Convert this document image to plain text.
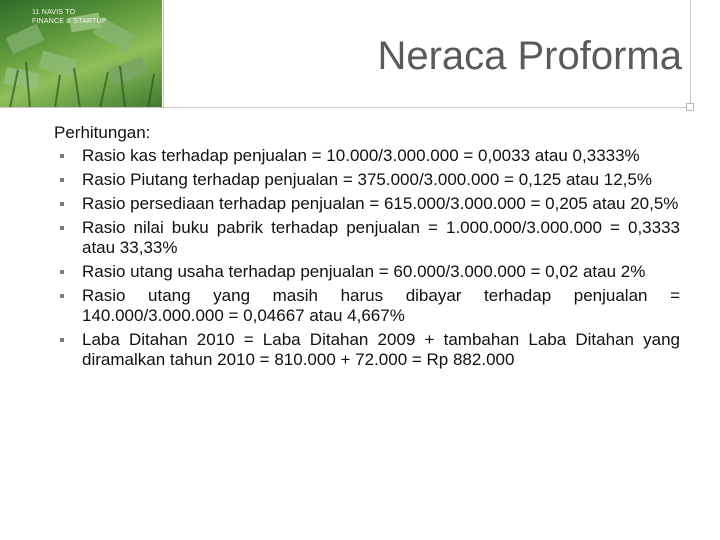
11 NAVIS TO
FINANCE & STARTUP
Neraca Proforma
Perhitungan:
Rasio kas terhadap penjualan = 10.000/3.000.000 = 0,0033 atau 0,3333%
Rasio Piutang terhadap penjualan = 375.000/3.000.000 = 0,125 atau 12,5%
Rasio persediaan terhadap penjualan = 615.000/3.000.000 = 0,205 atau 20,5%
Rasio nilai buku pabrik terhadap penjualan = 1.000.000/3.000.000 = 0,3333 atau 33,33%
Rasio utang usaha terhadap penjualan = 60.000/3.000.000 = 0,02 atau 2%
Rasio utang yang masih harus dibayar terhadap penjualan = 140.000/3.000.000 = 0,04667 atau 4,667%
Laba Ditahan 2010 = Laba Ditahan 2009 + tambahan Laba Ditahan yang diramalkan tahun 2010 = 810.000 + 72.000 = Rp 882.000
